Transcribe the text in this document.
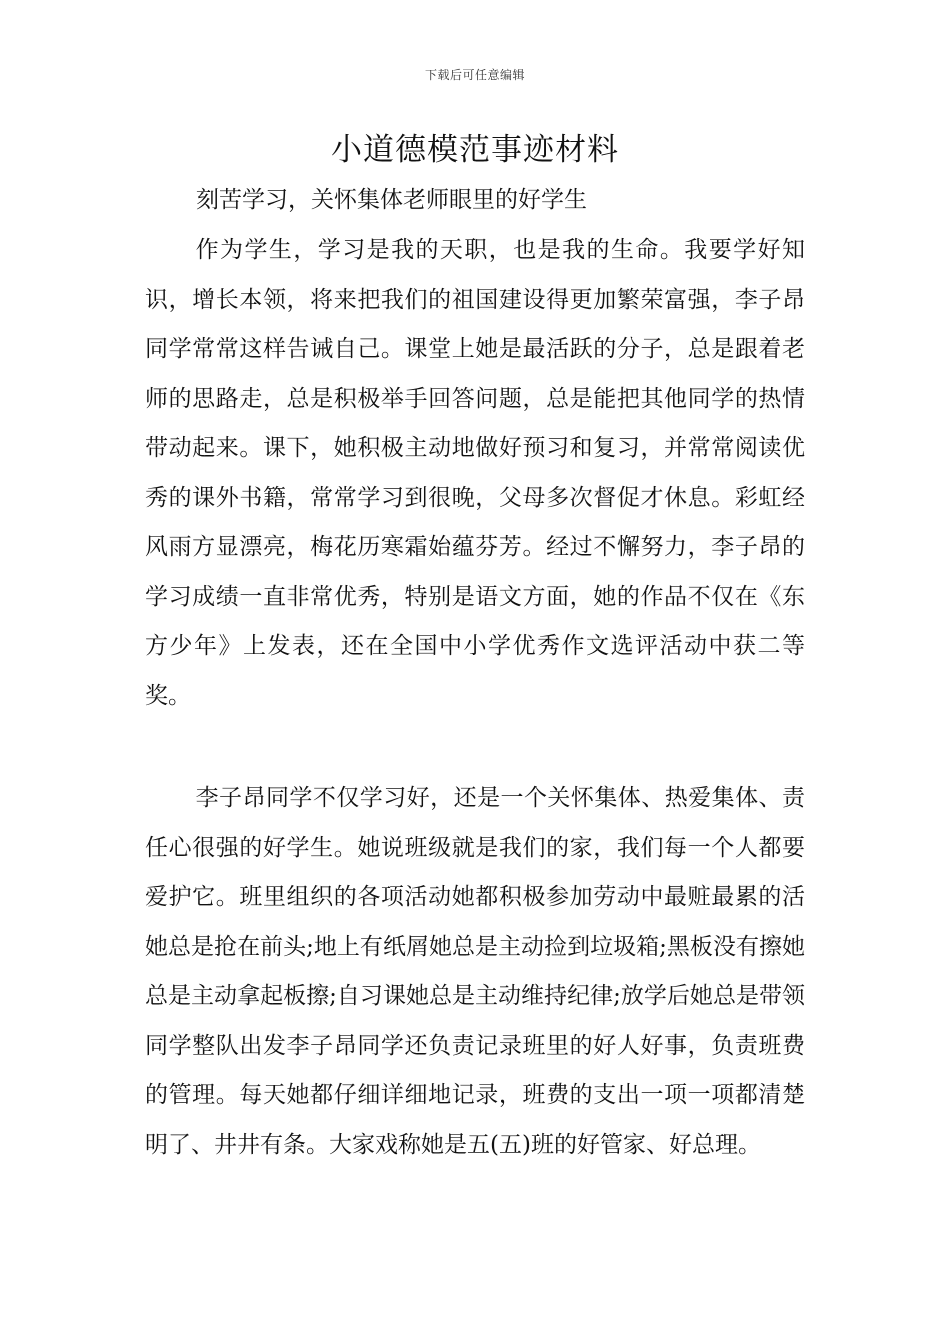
下载后可任意编辑
小道德模范事迹材料
刻苦学习，关怀集体老师眼里的好学生

作为学生，学习是我的天职，也是我的生命。我要学好知识，增长本领，将来把我们的祖国建设得更加繁荣富强，李子昂同学常常这样告诫自己。课堂上她是最活跃的分子，总是跟着老师的思路走，总是积极举手回答问题，总是能把其他同学的热情带动起来。课下，她积极主动地做好预习和复习，并常常阅读优秀的课外书籍，常常学习到很晚，父母多次督促才休息。彩虹经风雨方显漂亮，梅花历寒霜始蕴芬芳。经过不懈努力，李子昂的学习成绩一直非常优秀，特别是语文方面，她的作品不仅在《东方少年》上发表，还在全国中小学优秀作文选评活动中获二等奖。

李子昂同学不仅学习好，还是一个关怀集体、热爱集体、责任心很强的好学生。她说班级就是我们的家，我们每一个人都要爱护它。班里组织的各项活动她都积极参加劳动中最赃最累的活她总是抢在前头;地上有纸屑她总是主动捡到垃圾箱;黑板没有擦她总是主动拿起板擦;自习课她总是主动维持纪律;放学后她总是带领同学整队出发李子昂同学还负责记录班里的好人好事，负责班费的管理。每天她都仔细详细地记录，班费的支出一项一项都清楚明了、井井有条。大家戏称她是五(五)班的好管家、好总理。
